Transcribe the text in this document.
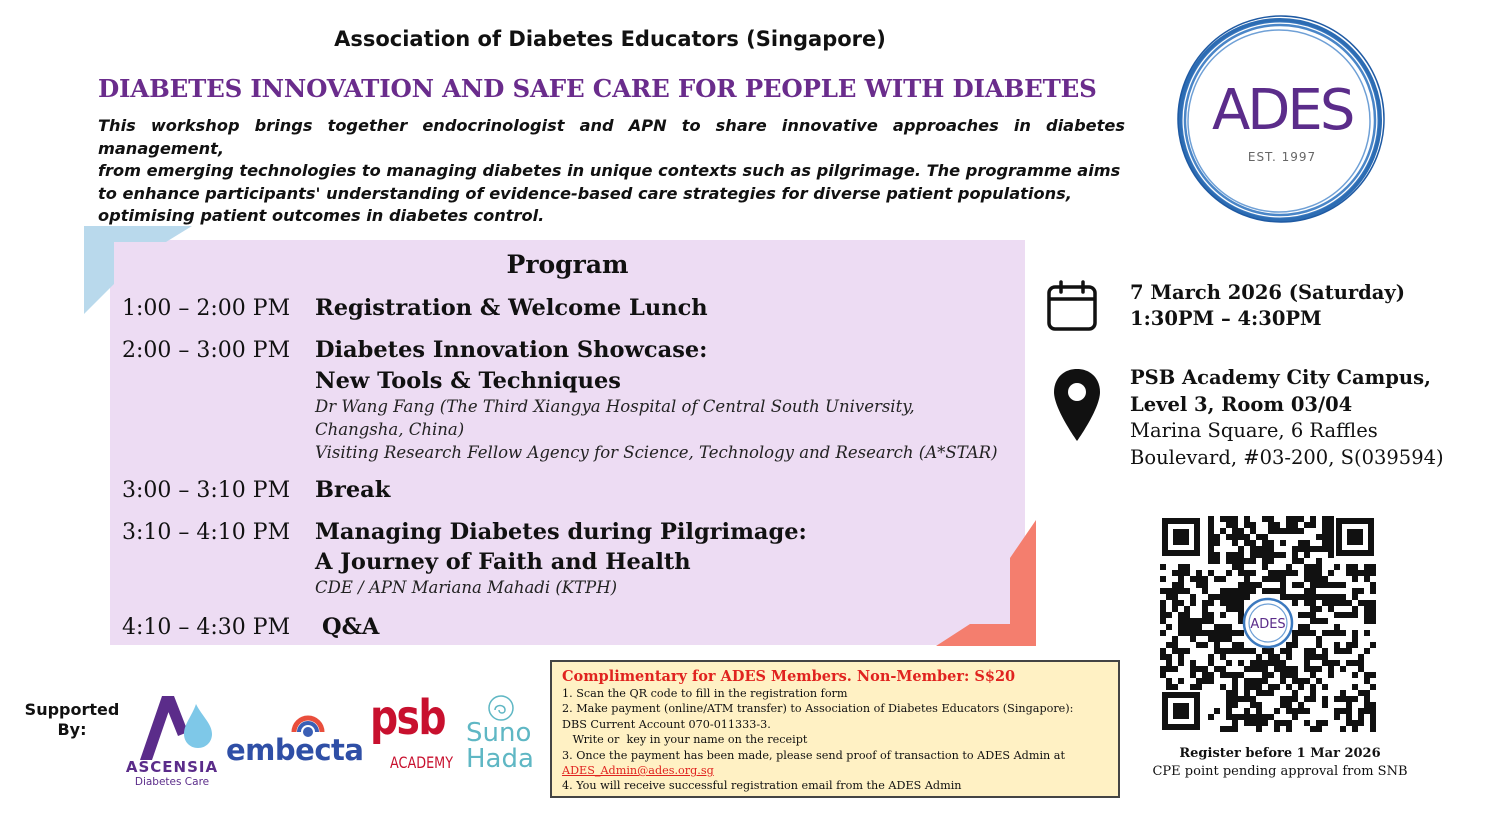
Association of Diabetes Educators (Singapore)
DIABETES INNOVATION AND SAFE CARE FOR PEOPLE WITH DIABETES
This workshop brings together endocrinologist and APN to share innovative approaches in diabetes management,
from emerging technologies to managing diabetes in unique contexts such as pilgrimage. The programme aims
to enhance participants' understanding of evidence-based care strategies for diverse patient populations,
optimising patient outcomes in diabetes control.
ADES
EST. 1997
Program
1:00 – 2:00 PM Registration & Welcome Lunch
2:00 – 3:00 PM Diabetes Innovation Showcase:
New Tools & Techniques
Dr Wang Fang (The Third Xiangya Hospital of Central South University,
Changsha, China)
Visiting Research Fellow Agency for Science, Technology and Research (A*STAR)
3:00 – 3:10 PM Break
3:10 – 4:10 PM Managing Diabetes during Pilgrimage:
A Journey of Faith and Health
CDE / APN Mariana Mahadi (KTPH)
4:10 – 4:30 PM Q&A
7 March 2026 (Saturday)
1:30PM – 4:30PM
PSB Academy City Campus,
Level 3, Room 03/04
Marina Square, 6 Raffles
Boulevard, #03-200, S(039594)
ADES
Register before 1 Mar 2026
CPE point pending approval from SNB
Complimentary for ADES Members. Non-Member: S$20
1. Scan the QR code to fill in the registration form
2. Make payment (online/ATM transfer) to Association of Diabetes Educators (Singapore):
DBS Current Account 070-011333-3.
Write or  key in your name on the receipt
3. Once the payment has been made, please send proof of transaction to ADES Admin at
ADES_Admin@ades.org.sg
4. You will receive successful registration email from the ADES Admin
Supported
By:
ASCENSIA
Diabetes Care
embecta
psb
ACADEMY
Suno
Hada
